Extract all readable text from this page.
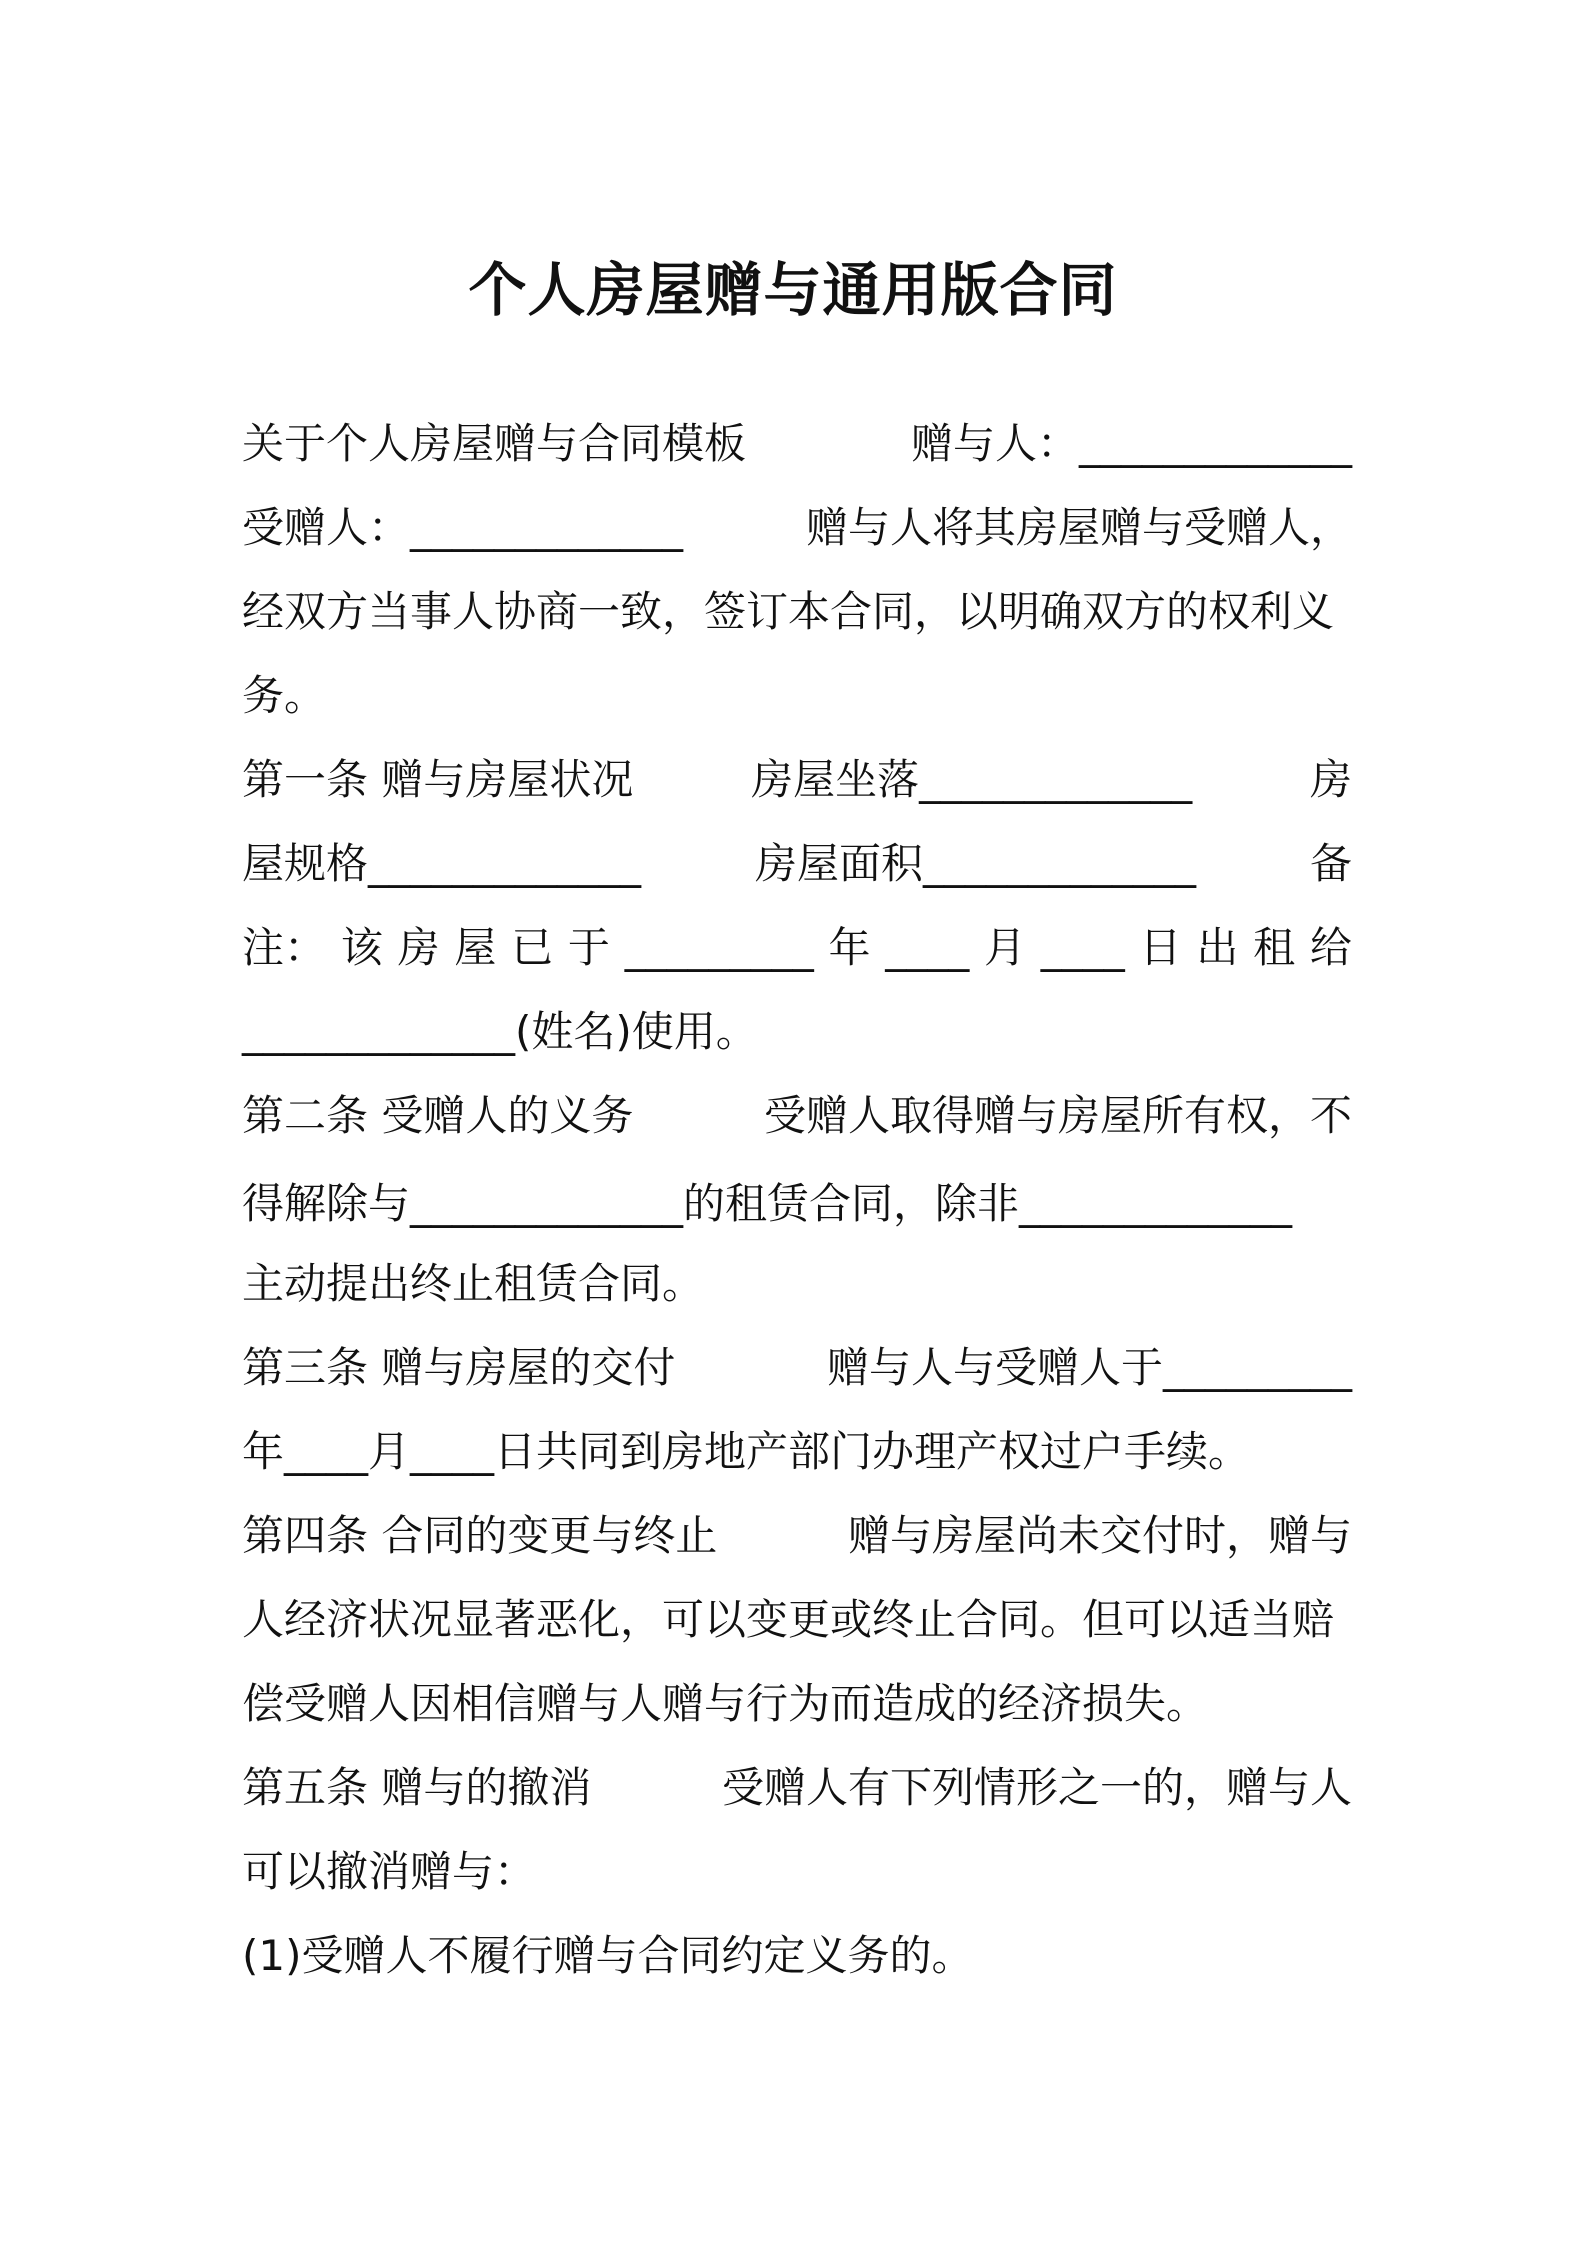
个人房屋赠与通用版合同
关于个人房屋赠与合同模板	赠与人：_____________
受赠人：_____________	赠与人将其房屋赠与受赠人，
经双方当事人协商一致，签订本合同，以明确双方的权利义
务。
第一条 赠与房屋状况	房屋坐落_____________	房
屋规格_____________	房屋面积_____________	备
注： 该 房 屋 已 于 _________ 年 ____ 月 ____ 日 出 租 给
_____________(姓名)使用。
第二条 受赠人的义务	受赠人取得赠与房屋所有权，不
得解除与_____________的租赁合同，除非_____________
主动提出终止租赁合同。
第三条 赠与房屋的交付	赠与人与受赠人于_________
年____月____日共同到房地产部门办理产权过户手续。
第四条 合同的变更与终止	赠与房屋尚未交付时，赠与
人经济状况显著恶化，可以变更或终止合同。但可以适当赔
偿受赠人因相信赠与人赠与行为而造成的经济损失。
第五条 赠与的撤消	受赠人有下列情形之一的，赠与人
可以撤消赠与：
(1)受赠人不履行赠与合同约定义务的。
